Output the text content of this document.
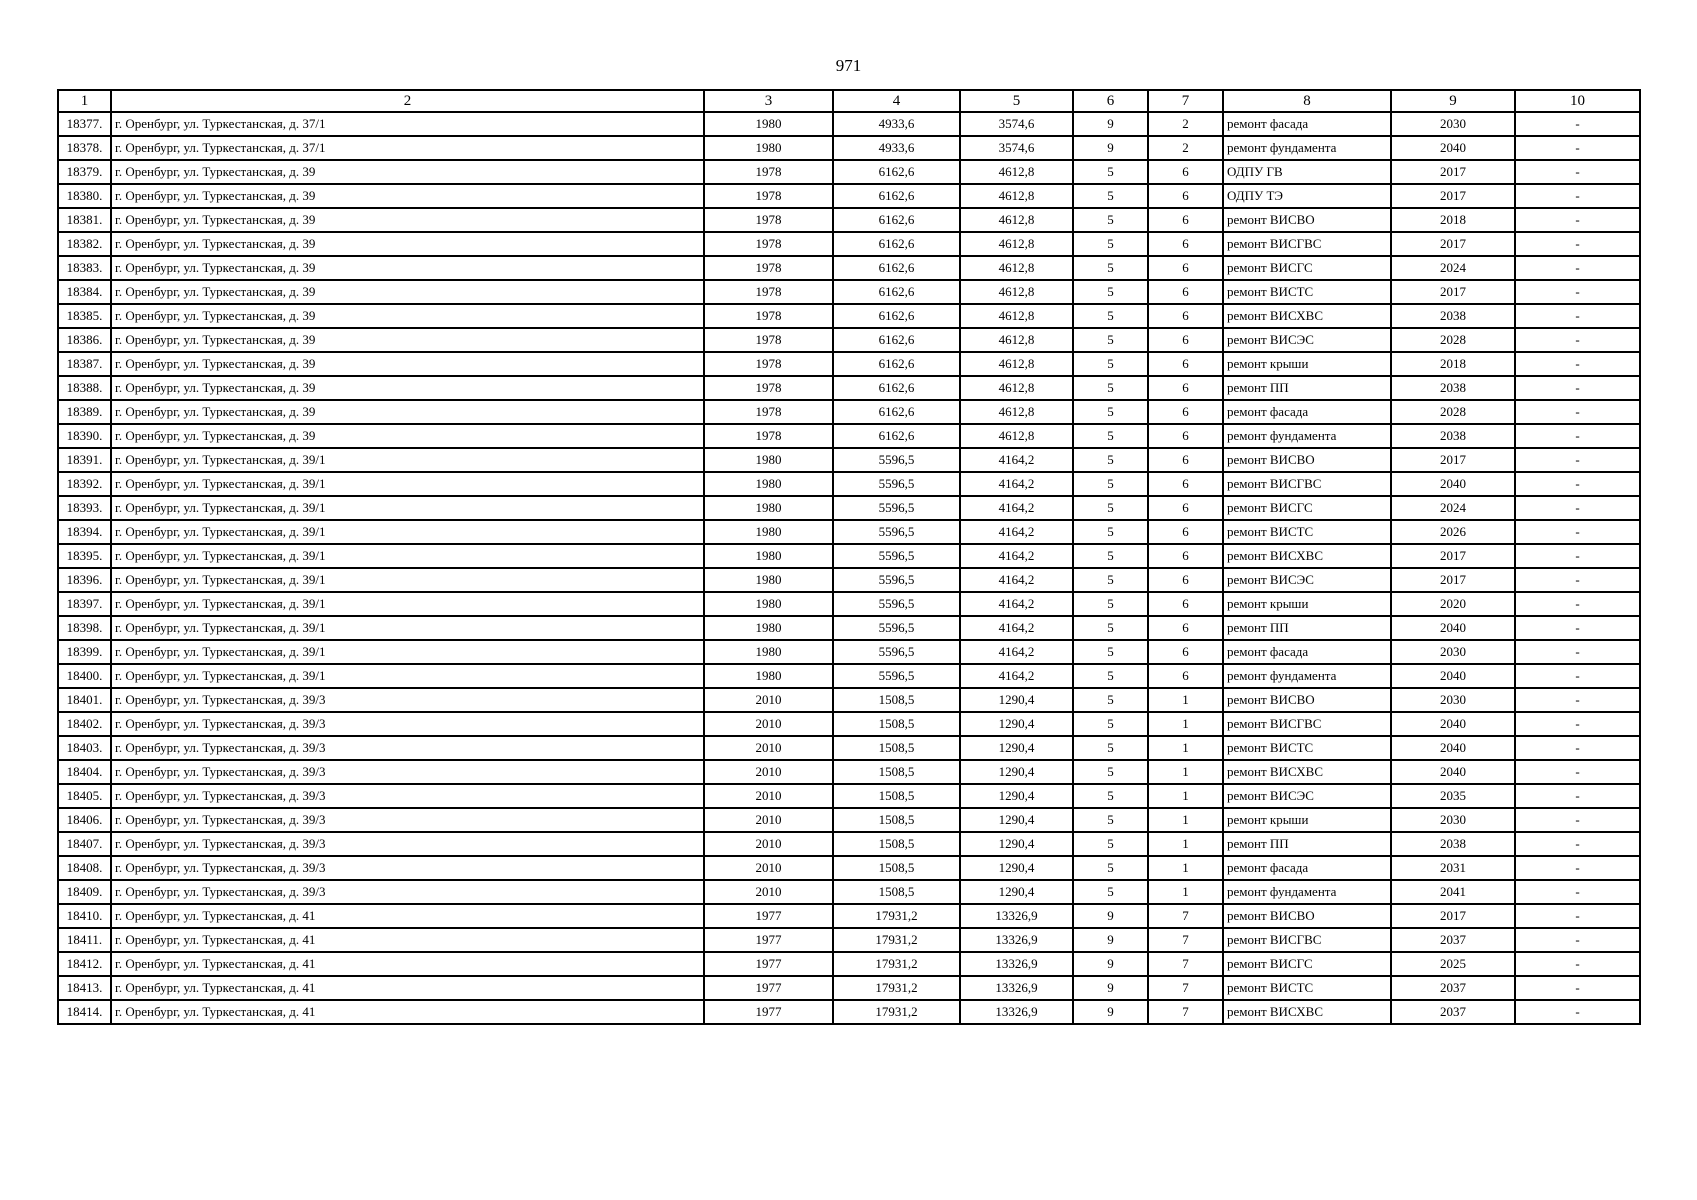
971
1	2	3	4	5	6	7	8	9	10
18377.	г. Оренбург, ул. Туркестанская, д. 37/1	1980	4933,6	3574,6	9	2	ремонт фасада	2030	-
18378.	г. Оренбург, ул. Туркестанская, д. 37/1	1980	4933,6	3574,6	9	2	ремонт фундамента	2040	-
18379.	г. Оренбург, ул. Туркестанская, д. 39	1978	6162,6	4612,8	5	6	ОДПУ ГВ	2017	-
18380.	г. Оренбург, ул. Туркестанская, д. 39	1978	6162,6	4612,8	5	6	ОДПУ ТЭ	2017	-
18381.	г. Оренбург, ул. Туркестанская, д. 39	1978	6162,6	4612,8	5	6	ремонт ВИСВО	2018	-
18382.	г. Оренбург, ул. Туркестанская, д. 39	1978	6162,6	4612,8	5	6	ремонт ВИСГВС	2017	-
18383.	г. Оренбург, ул. Туркестанская, д. 39	1978	6162,6	4612,8	5	6	ремонт ВИСГС	2024	-
18384.	г. Оренбург, ул. Туркестанская, д. 39	1978	6162,6	4612,8	5	6	ремонт ВИСТС	2017	-
18385.	г. Оренбург, ул. Туркестанская, д. 39	1978	6162,6	4612,8	5	6	ремонт ВИСХВС	2038	-
18386.	г. Оренбург, ул. Туркестанская, д. 39	1978	6162,6	4612,8	5	6	ремонт ВИСЭС	2028	-
18387.	г. Оренбург, ул. Туркестанская, д. 39	1978	6162,6	4612,8	5	6	ремонт крыши	2018	-
18388.	г. Оренбург, ул. Туркестанская, д. 39	1978	6162,6	4612,8	5	6	ремонт ПП	2038	-
18389.	г. Оренбург, ул. Туркестанская, д. 39	1978	6162,6	4612,8	5	6	ремонт фасада	2028	-
18390.	г. Оренбург, ул. Туркестанская, д. 39	1978	6162,6	4612,8	5	6	ремонт фундамента	2038	-
18391.	г. Оренбург, ул. Туркестанская, д. 39/1	1980	5596,5	4164,2	5	6	ремонт ВИСВО	2017	-
18392.	г. Оренбург, ул. Туркестанская, д. 39/1	1980	5596,5	4164,2	5	6	ремонт ВИСГВС	2040	-
18393.	г. Оренбург, ул. Туркестанская, д. 39/1	1980	5596,5	4164,2	5	6	ремонт ВИСГС	2024	-
18394.	г. Оренбург, ул. Туркестанская, д. 39/1	1980	5596,5	4164,2	5	6	ремонт ВИСТС	2026	-
18395.	г. Оренбург, ул. Туркестанская, д. 39/1	1980	5596,5	4164,2	5	6	ремонт ВИСХВС	2017	-
18396.	г. Оренбург, ул. Туркестанская, д. 39/1	1980	5596,5	4164,2	5	6	ремонт ВИСЭС	2017	-
18397.	г. Оренбург, ул. Туркестанская, д. 39/1	1980	5596,5	4164,2	5	6	ремонт крыши	2020	-
18398.	г. Оренбург, ул. Туркестанская, д. 39/1	1980	5596,5	4164,2	5	6	ремонт ПП	2040	-
18399.	г. Оренбург, ул. Туркестанская, д. 39/1	1980	5596,5	4164,2	5	6	ремонт фасада	2030	-
18400.	г. Оренбург, ул. Туркестанская, д. 39/1	1980	5596,5	4164,2	5	6	ремонт фундамента	2040	-
18401.	г. Оренбург, ул. Туркестанская, д. 39/3	2010	1508,5	1290,4	5	1	ремонт ВИСВО	2030	-
18402.	г. Оренбург, ул. Туркестанская, д. 39/3	2010	1508,5	1290,4	5	1	ремонт ВИСГВС	2040	-
18403.	г. Оренбург, ул. Туркестанская, д. 39/3	2010	1508,5	1290,4	5	1	ремонт ВИСТС	2040	-
18404.	г. Оренбург, ул. Туркестанская, д. 39/3	2010	1508,5	1290,4	5	1	ремонт ВИСХВС	2040	-
18405.	г. Оренбург, ул. Туркестанская, д. 39/3	2010	1508,5	1290,4	5	1	ремонт ВИСЭС	2035	-
18406.	г. Оренбург, ул. Туркестанская, д. 39/3	2010	1508,5	1290,4	5	1	ремонт крыши	2030	-
18407.	г. Оренбург, ул. Туркестанская, д. 39/3	2010	1508,5	1290,4	5	1	ремонт ПП	2038	-
18408.	г. Оренбург, ул. Туркестанская, д. 39/3	2010	1508,5	1290,4	5	1	ремонт фасада	2031	-
18409.	г. Оренбург, ул. Туркестанская, д. 39/3	2010	1508,5	1290,4	5	1	ремонт фундамента	2041	-
18410.	г. Оренбург, ул. Туркестанская, д. 41	1977	17931,2	13326,9	9	7	ремонт ВИСВО	2017	-
18411.	г. Оренбург, ул. Туркестанская, д. 41	1977	17931,2	13326,9	9	7	ремонт ВИСГВС	2037	-
18412.	г. Оренбург, ул. Туркестанская, д. 41	1977	17931,2	13326,9	9	7	ремонт ВИСГС	2025	-
18413.	г. Оренбург, ул. Туркестанская, д. 41	1977	17931,2	13326,9	9	7	ремонт ВИСТС	2037	-
18414.	г. Оренбург, ул. Туркестанская, д. 41	1977	17931,2	13326,9	9	7	ремонт ВИСХВС	2037	-
